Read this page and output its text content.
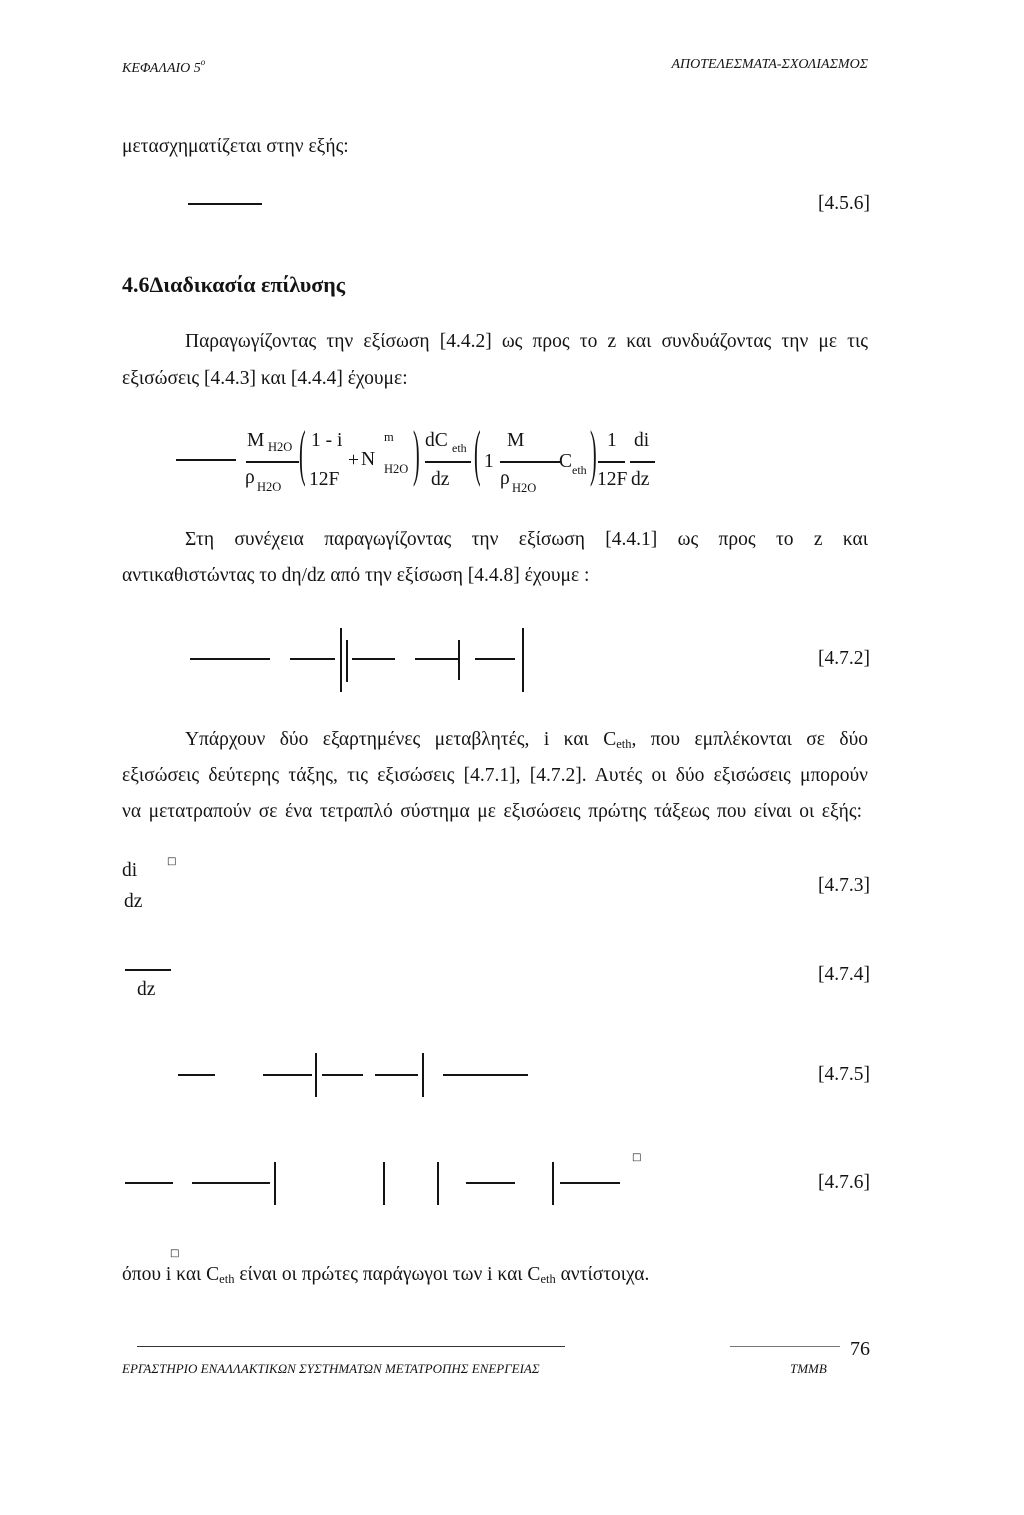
ΚΕΦΑΛΑΙΟ $5^o$	ΑΠΟΤΕΛΕΣΜΑΤΑ-ΣΧΟΛΙΑΣΜΟΣ
μετασχηματίζεται στην εξής:
[4.5.6]
4.6Διαδικασία επίλυσης
Παραγωγίζοντας την εξίσωση [4.4.2] ως προς το z και συνδυάζοντας την με τις
εξισώσεις [4.4.3] και [4.4.4] έχουμε:
M H2O
ρ H2O ( 1 - i
12F
+ N
m
H2O ) dC eth
dz ( 1
M
ρ H2O
C eth ) 1
12F
di
dz
Στη συνέχεια παραγωγίζοντας την εξίσωση [4.4.1] ως προς το z και
αντικαθιστώντας το dη/dz από την εξίσωση [4.4.8] έχουμε :
[4.7.2]
Υπάρχουν δύο εξαρτημένες μεταβλητές, i και Ceth, που εμπλέκονται σε δύο
εξισώσεις δεύτερης τάξης, τις εξισώσεις [4.7.1], [4.7.2]. Αυτές οι δύο εξισώσεις μπορούν
να μετατραπούν σε ένα τετραπλό σύστημα με εξισώσεις πρώτης τάξεως που είναι οι εξής:
di	□
dz
[4.7.3]
dz
[4.7.4]
[4.7.5]
□
[4.7.6]
□
όπου i και Ceth είναι οι πρώτες παράγωγοι των i και Ceth αντίστοιχα.
76
ΕΡΓΑΣΤΗΡΙΟ ΕΝΑΛΛΑΚΤΙΚΩΝ ΣΥΣΤΗΜΑΤΩΝ ΜΕΤΑΤΡΟΠΗΣ ΕΝΕΡΓΕΙΑΣ	ΤΜΜΒ
